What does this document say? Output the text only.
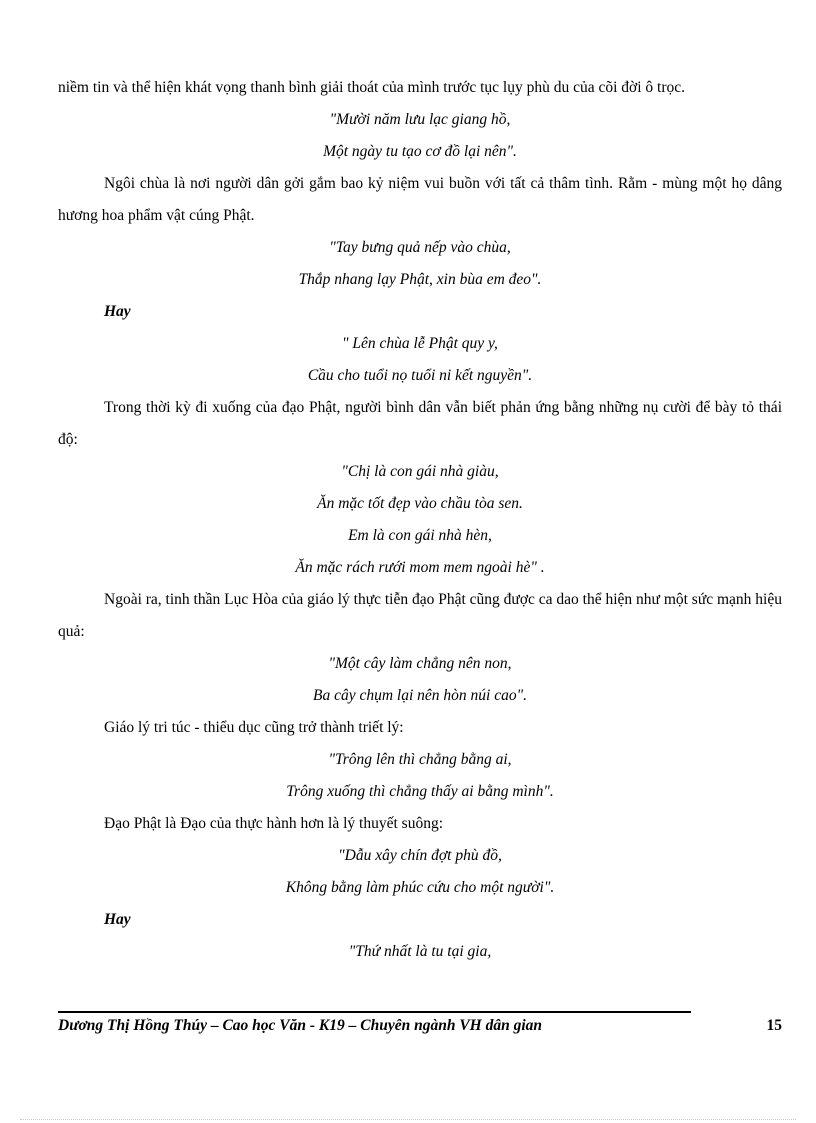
niềm tin và thể hiện khát vọng thanh bình giải thoát của mình trước tục lụy phù du của cõi đời ô trọc.

"Mười năm lưu lạc giang hồ,

Một ngày tu tạo cơ đồ lại nên".

Ngôi chùa là nơi người dân gởi gắm bao kỷ niệm vui buồn với tất cả thâm tình. Rằm - mùng một họ dâng hương hoa phẩm vật cúng Phật.

"Tay bưng quả nếp vào chùa,

Thắp nhang lạy Phật, xin bùa em đeo".

Hay

" Lên chùa lễ Phật quy y,

Cầu cho tuổi nọ tuổi ni kết nguyền".

Trong thời kỳ đi xuống của đạo Phật, người bình dân vẫn biết phản ứng bằng những nụ cười để bày tỏ thái độ:

"Chị là con gái nhà giàu,

Ăn mặc tốt đẹp vào chầu tòa sen.

Em là con gái nhà hèn,

Ăn mặc rách rưới mom mem ngoài hè" .

Ngoài ra, tinh thần Lục Hòa của giáo lý thực tiễn đạo Phật cũng được ca dao thể hiện như một sức mạnh hiệu quả:

"Một cây làm chẳng nên non,

Ba cây chụm lại nên hòn núi cao".

Giáo lý tri túc - thiểu dục cũng trở thành triết lý:

"Trông lên thì chẳng bằng ai,

Trông xuống thì chẳng thấy ai bằng mình".

Đạo Phật là Đạo của thực hành hơn là lý thuyết suông:

"Dẫu xây chín đợt phù đồ,

Không bằng làm phúc cứu cho một người".

Hay

"Thứ nhất là tu tại gia,

Dương Thị Hồng Thúy – Cao học Văn - K19 – Chuyên ngành VH dân gian	15
